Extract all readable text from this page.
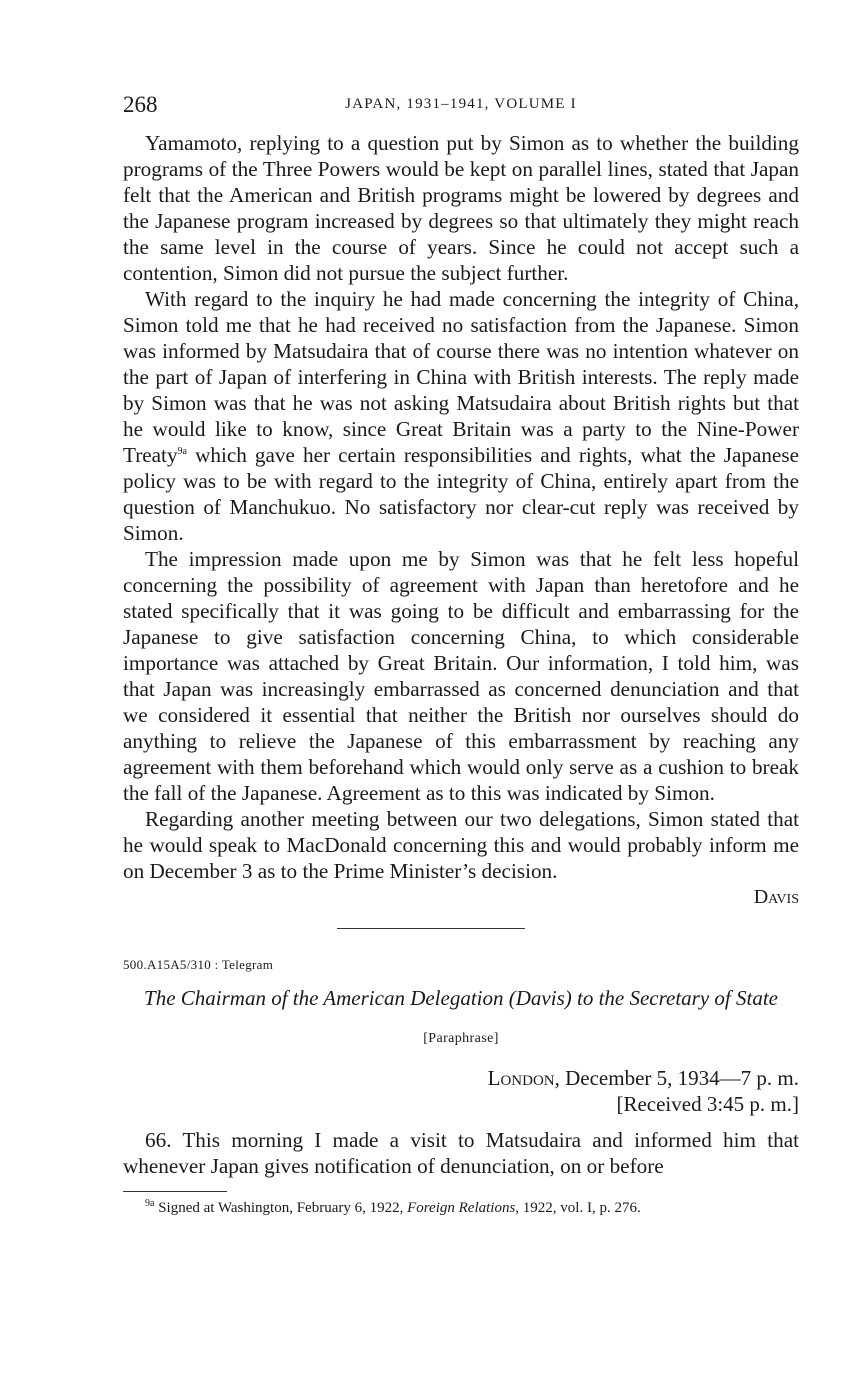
268	JAPAN, 1931–1941, VOLUME I

Yamamoto, replying to a question put by Simon as to whether the building programs of the Three Powers would be kept on parallel lines, stated that Japan felt that the American and British programs might be lowered by degrees and the Japanese program increased by degrees so that ultimately they might reach the same level in the course of years. Since he could not accept such a contention, Simon did not pursue the subject further.

With regard to the inquiry he had made concerning the integrity of China, Simon told me that he had received no satisfaction from the Japanese. Simon was informed by Matsudaira that of course there was no intention whatever on the part of Japan of interfering in China with British interests. The reply made by Simon was that he was not asking Matsudaira about British rights but that he would like to know, since Great Britain was a party to the Nine-Power Treaty$^{9a}$ which gave her certain responsibilities and rights, what the Japanese policy was to be with regard to the integrity of China, entirely apart from the question of Manchukuo. No satisfactory nor clear-cut reply was received by Simon.

The impression made upon me by Simon was that he felt less hopeful concerning the possibility of agreement with Japan than heretofore and he stated specifically that it was going to be difficult and embarrassing for the Japanese to give satisfaction concerning China, to which considerable importance was attached by Great Britain. Our information, I told him, was that Japan was increasingly embarrassed as concerned denunciation and that we considered it essential that neither the British nor ourselves should do anything to relieve the Japanese of this embarrassment by reaching any agreement with them beforehand which would only serve as a cushion to break the fall of the Japanese. Agreement as to this was indicated by Simon.

Regarding another meeting between our two delegations, Simon stated that he would speak to MacDonald concerning this and would probably inform me on December 3 as to the Prime Minister’s decision.

Davis
500.A15A5/310 : Telegram
The Chairman of the American Delegation (Davis) to the Secretary of State
[Paraphrase]
London, December 5, 1934—7 p. m.
[Received 3:45 p. m.]

66. This morning I made a visit to Matsudaira and informed him that whenever Japan gives notification of denunciation, on or before

$^{9a}$ Signed at Washington, February 6, 1922, Foreign Relations, 1922, vol. I, p. 276.
